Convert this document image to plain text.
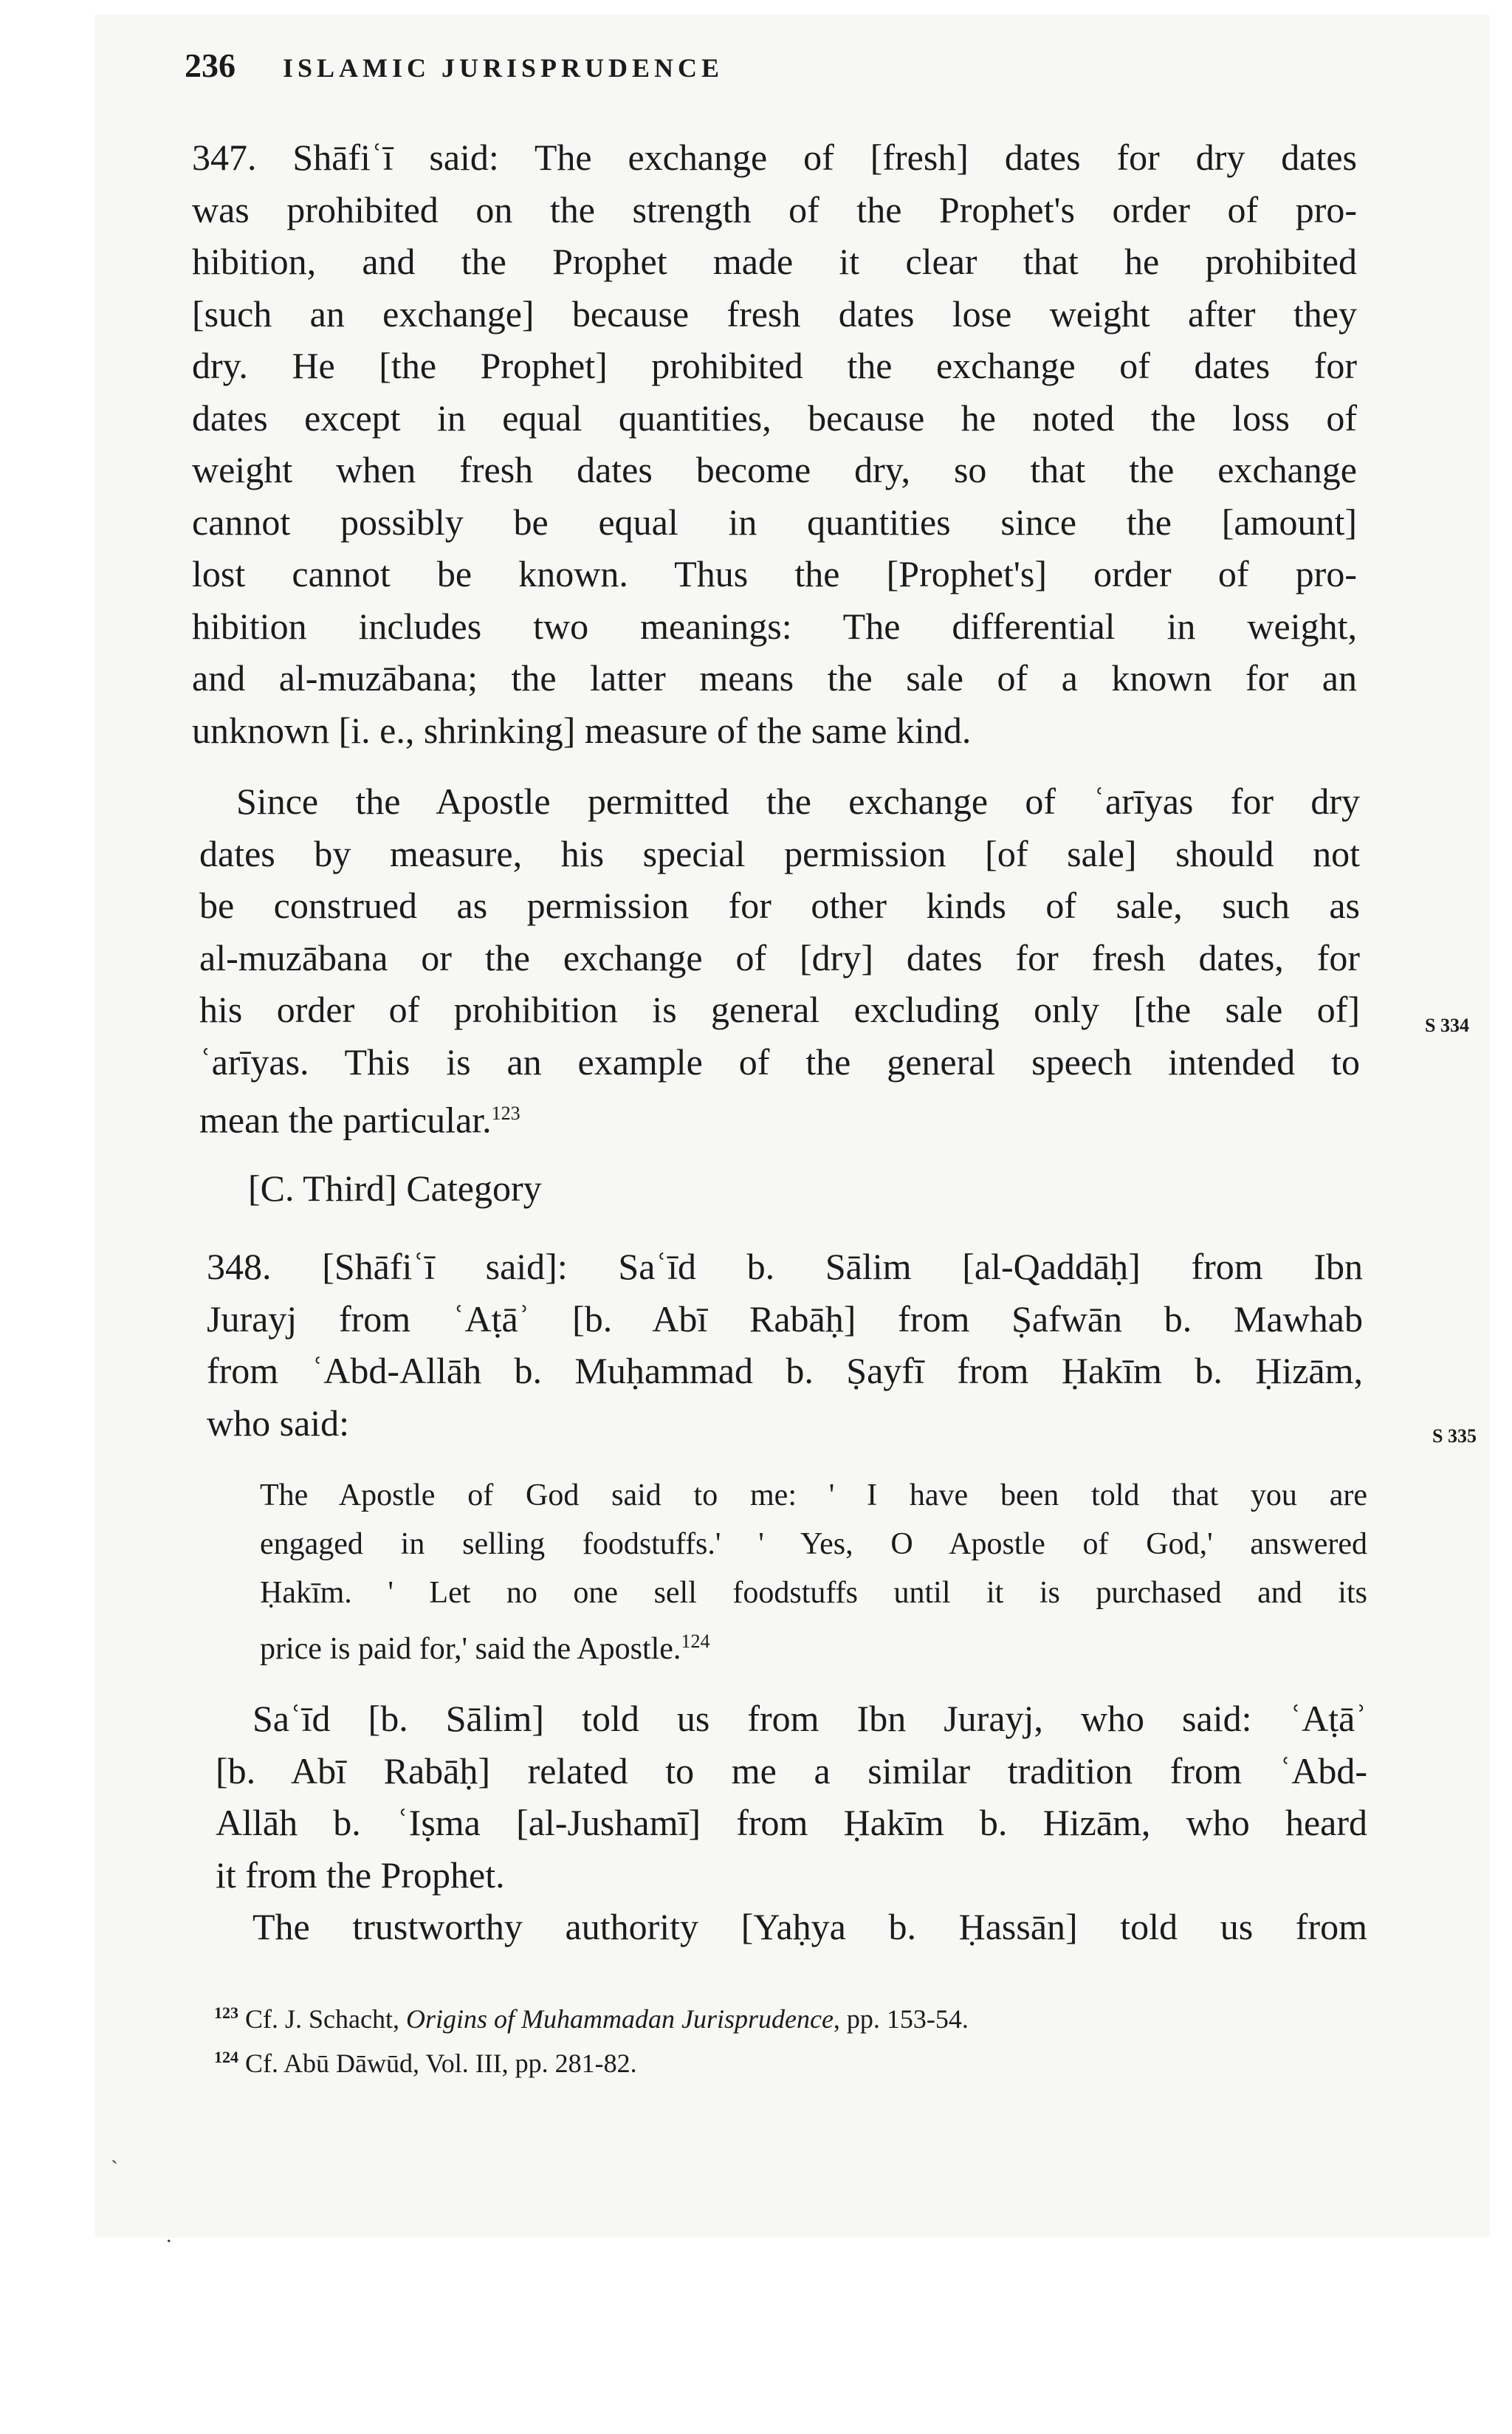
236 ISLAMIC JURISPRUDENCE
347. Shāfiʿī said: The exchange of [fresh] dates for dry dates
was prohibited on the strength of the Prophet's order of pro-
hibition, and the Prophet made it clear that he prohibited
[such an exchange] because fresh dates lose weight after they
dry. He [the Prophet] prohibited the exchange of dates for
dates except in equal quantities, because he noted the loss of
weight when fresh dates become dry, so that the exchange
cannot possibly be equal in quantities since the [amount]
lost cannot be known. Thus the [Prophet's] order of pro-
hibition includes two meanings: The differential in weight,
and al-muzābana; the latter means the sale of a known for an
unknown [i. e., shrinking] measure of the same kind.
Since the Apostle permitted the exchange of ʿarīyas for dry
dates by measure, his special permission [of sale] should not
be construed as permission for other kinds of sale, such as
al-muzābana or the exchange of [dry] dates for fresh dates, for
his order of prohibition is general excluding only [the sale of]
ʿarīyas. This is an example of the general speech intended to
mean the particular.$^{123}$
[C. Third] Category
348. [Shāfiʿī said]: Saʿīd b. Sālim [al-Qaddāḥ] from Ibn
Jurayj from ʿAṭāʾ [b. Abī Rabāḥ] from Ṣafwān b. Mawhab
from ʿAbd-Allāh b. Muḥammad b. Ṣayfī from Ḥakīm b. Ḥizām,
who said:
The Apostle of God said to me: ' I have been told that you are
engaged in selling foodstuffs.' ' Yes, O Apostle of God,' answered
Ḥakīm. ' Let no one sell foodstuffs until it is purchased and its
price is paid for,' said the Apostle.$^{124}$
Saʿīd [b. Sālim] told us from Ibn Jurayj, who said: ʿAṭāʾ
[b. Abī Rabāḥ] related to me a similar tradition from ʿAbd-
Allāh b. ʿIṣma [al-Jushamī] from Ḥakīm b. Hizām, who heard
it from the Prophet.
The trustworthy authority [Yaḥya b. Ḥassān] told us from
S 334
S 335
$^{123}$ Cf. J. Schacht, Origins of Muhammadan Jurisprudence, pp. 153-54.
$^{124}$ Cf. Abū Dāwūd, Vol. III, pp. 281-82.
`
.
